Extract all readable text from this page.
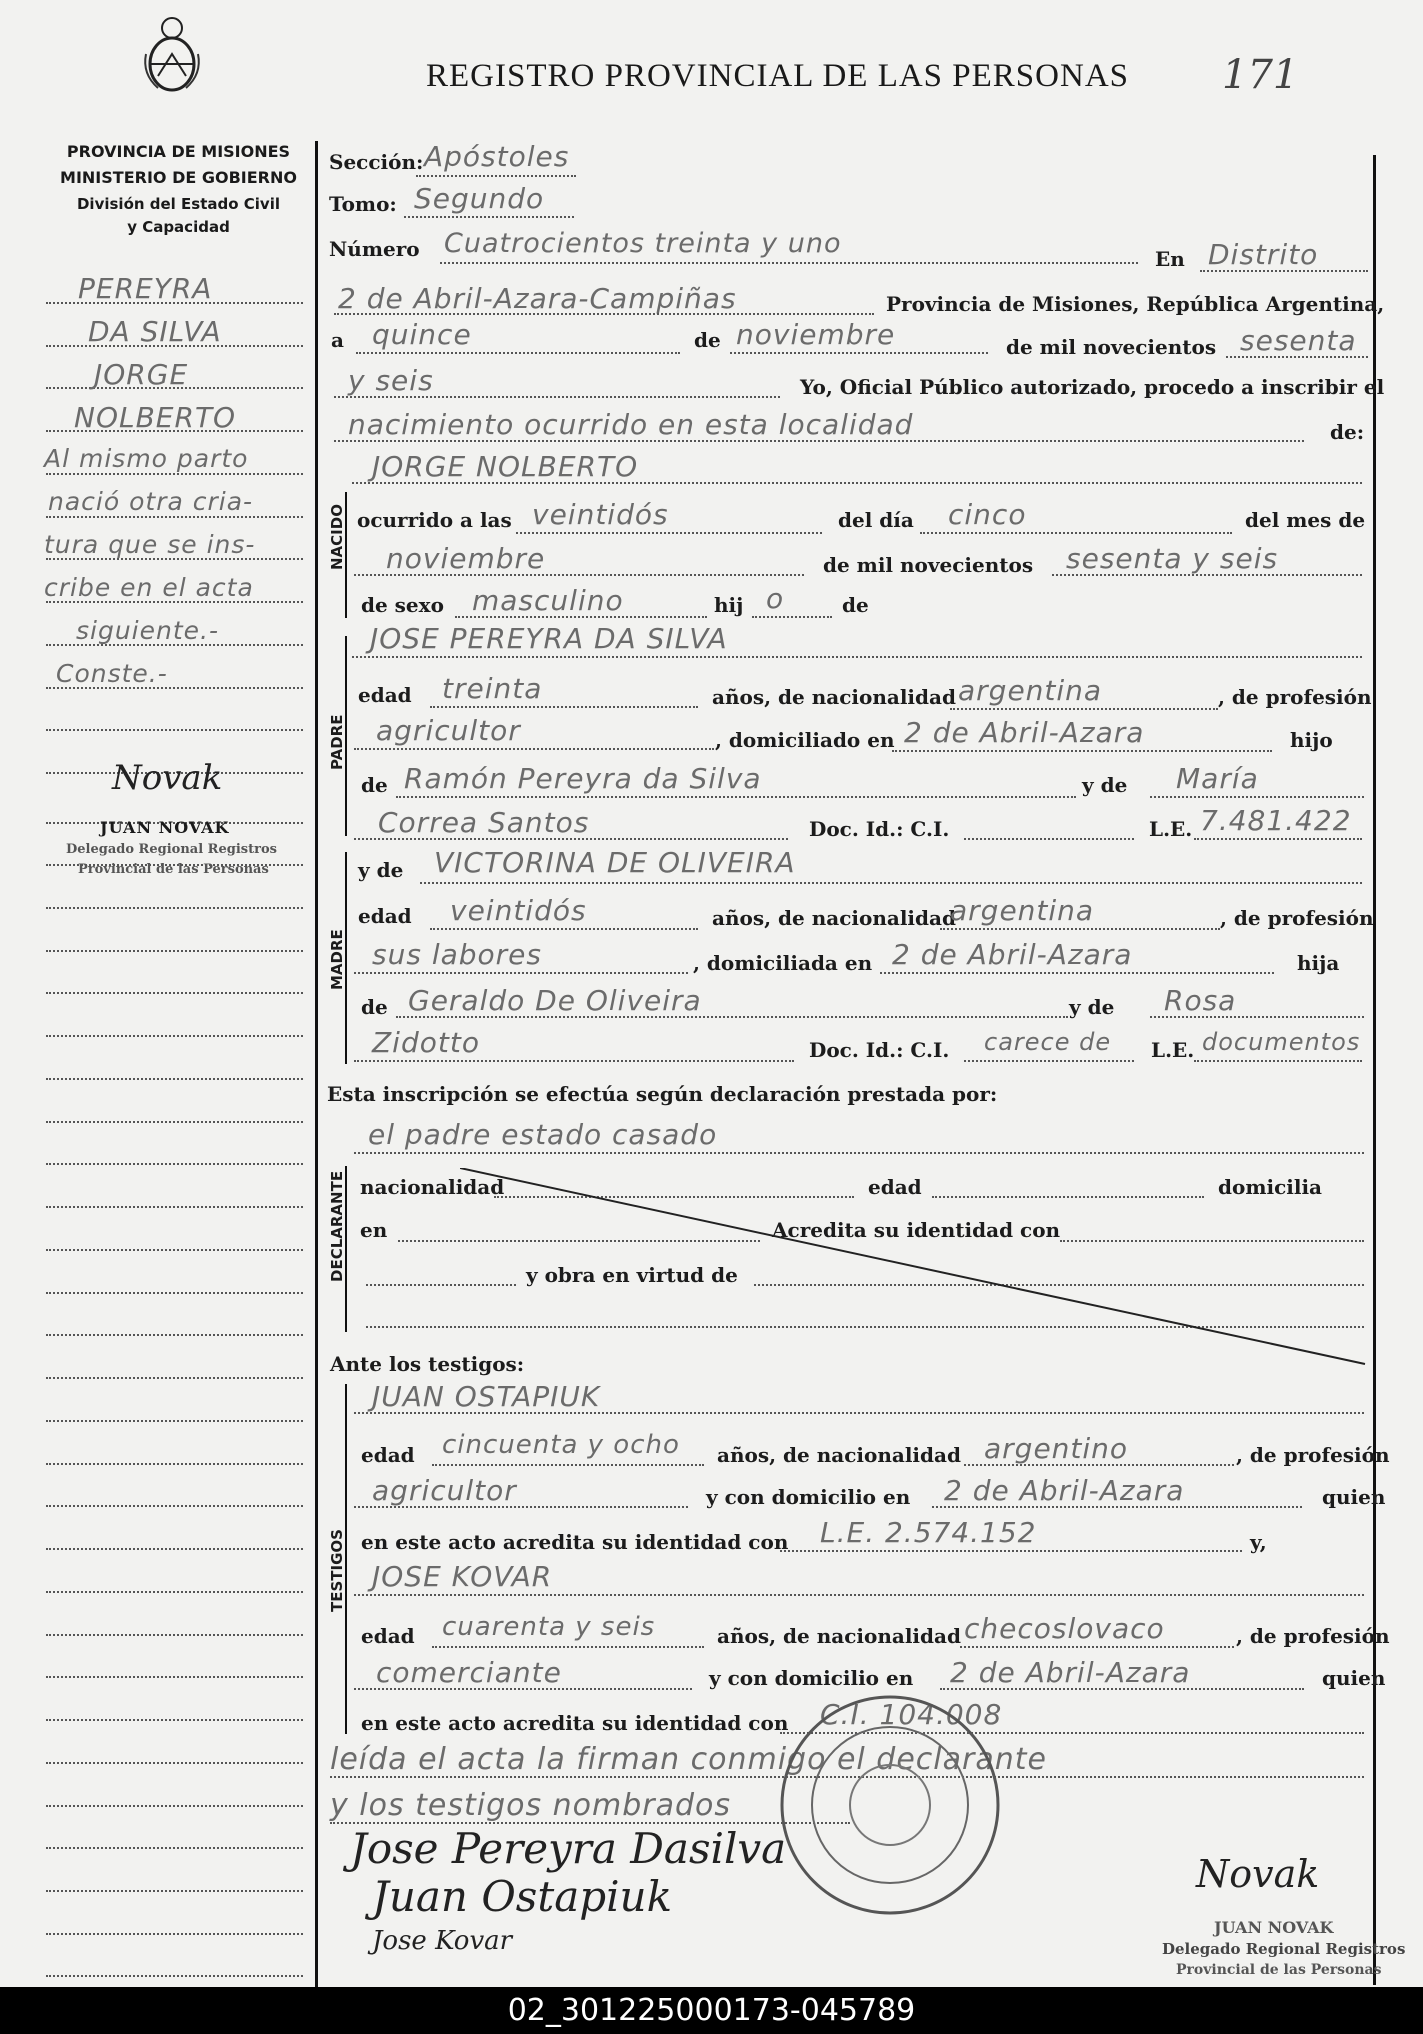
REGISTRO PROVINCIAL DE LAS PERSONAS 171
PROVINCIA DE MISIONES
MINISTERIO DE GOBIERNO
División del Estado Civil
y Capacidad
PEREYRA
DA SILVA
JORGE
NOLBERTO
Al mismo parto
nació otra cria-
tura que se ins-
cribe en el acta
siguiente.-
Conste.-
Novak
JUAN NOVAK
Delegado Regional Registros
Provincial de las Personas
Sección: Apóstoles
Tomo: Segundo
Número Cuatrocientos treinta y uno	En Distrito
2 de Abril-Azara-Campiñas	Provincia de Misiones, República Argentina,
a quince	de noviembre	de mil novecientos sesenta
y seis	Yo, Oficial Público autorizado, procedo a inscribir el
nacimiento ocurrido en esta localidad	de:
NACIDO
JORGE NOLBERTO
ocurrido a las veintidós	del día cinco	del mes de
noviembre	de mil novecientos sesenta y seis
de sexo masculino	hij o	de
PADRE
JOSE PEREYRA DA SILVA
edad treinta	años, de nacionalidad argentina	, de profesión
agricultor	, domiciliado en 2 de Abril-Azara	hijo
de Ramón Pereyra da Silva	y de María
Correa Santos	Doc. Id.: C.I.	L.E. 7.481.422
MADRE
y de VICTORINA DE OLIVEIRA
edad veintidós	años, de nacionalidad
argentina	, de profesión
sus labores	, domiciliada en 2 de Abril-Azara	hija
de Geraldo De Oliveira	y de Rosa
Zidotto	Doc. Id.: C.I. carece de L.E. documentos
Esta inscripción se efectúa según declaración prestada por:
el padre estado casado
DECLARANTE nacionalidad	edad	domicilia
en	Acredita su identidad con
y obra en virtud de
Ante los testigos:
TESTIGOS
JUAN OSTAPIUK
edad cincuenta y ocho años, de nacionalidad argentino	, de profesión
agricultor	y con domicilio en 2 de Abril-Azara	quien
en este acto acredita su identidad con L.E. 2.574.152	y,
JOSE KOVAR
edad cuarenta y seis	años, de nacionalidad checoslovaco	, de profesión
comerciante	y con domicilio en 2 de Abril-Azara	quien
en este acto acredita su identidad con C.I. 104.008
leída el acta la firman conmigo el declarante
y los testigos nombrados
Jose Pereyra Dasilva
Juan Ostapiuk
Jose Kovar
Novak
JUAN NOVAK
Delegado Regional Registros
Provincial de las Personas
02_301225000173-045789
